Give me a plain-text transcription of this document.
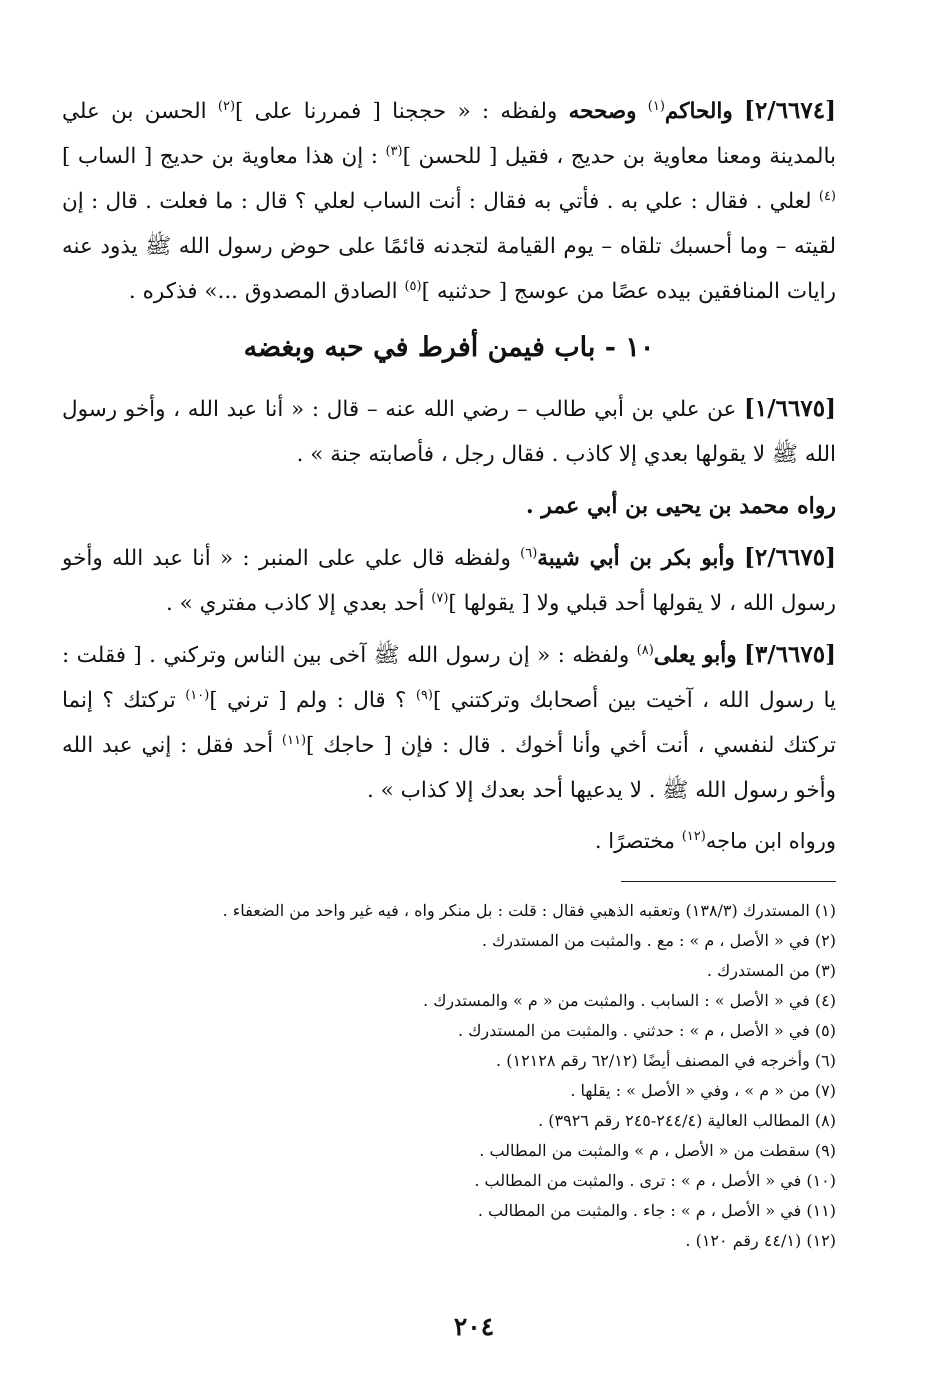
[٢/٦٦٧٤] والحاكم$^{(١)}$ وصححه ولفظه : « حججنا [ فمررنا على ]$^{(٢)}$ الحسن بن علي بالمدينة ومعنا معاوية بن حديج ، فقيل [ للحسن ]$^{(٣)}$ : إن هذا معاوية بن حديج [ الساب ]$^{(٤)}$ لعلي . فقال : علي به . فأتي به فقال : أنت الساب لعلي ؟ قال : ما فعلت . قال : إن لقيته – وما أحسبك تلقاه – يوم القيامة لتجدنه قائمًا على حوض رسول الله ﷺ يذود عنه رايات المنافقين بيده عصًا من عوسج [ حدثنيه ]$^{(٥)}$ الصادق المصدوق ...» فذكره .

١٠ - باب فيمن أفرط في حبه وبغضه

[١/٦٦٧٥] عن علي بن أبي طالب – رضي الله عنه – قال : « أنا عبد الله ، وأخو رسول الله ﷺ لا يقولها بعدي إلا كاذب . فقال رجل ، فأصابته جنة » .

رواه محمد بن يحيى بن أبي عمر .

[٢/٦٦٧٥] وأبو بكر بن أبي شيبة$^{(٦)}$ ولفظه قال علي على المنبر : « أنا عبد الله وأخو رسول الله ، لا يقولها أحد قبلي ولا [ يقولها ]$^{(٧)}$ أحد بعدي إلا كاذب مفتري » .

[٣/٦٦٧٥] وأبو يعلى$^{(٨)}$ ولفظه : « إن رسول الله ﷺ آخى بين الناس وتركني . [ فقلت : يا رسول الله ، آخيت بين أصحابك وتركتني ]$^{(٩)}$ ؟ قال : ولم [ ترني ]$^{(١٠)}$ تركتك ؟ إنما تركتك لنفسي ، أنت أخي وأنا أخوك . قال : فإن [ حاجك ]$^{(١١)}$ أحد فقل : إني عبد الله وأخو رسول الله ﷺ . لا يدعيها أحد بعدك إلا كذاب » .

ورواه ابن ماجه$^{(١٢)}$ مختصرًا .

(١) المستدرك (١٣٨/٣) وتعقبه الذهبي فقال : قلت : بل منكر واه ، فيه غير واحد من الضعفاء .
(٢) في « الأصل ، م » : مع . والمثبت من المستدرك .
(٣) من المستدرك .
(٤) في « الأصل » : السابب . والمثبت من « م » والمستدرك .
(٥) في « الأصل ، م » : حدثني . والمثبت من المستدرك .
(٦) وأخرجه في المصنف أيضًا (٦٢/١٢ رقم ١٢١٢٨) .
(٧) من « م » ، وفي « الأصل » : يقلها .
(٨) المطالب العالية (٢٤٤/٤-٢٤٥ رقم ٣٩٢٦) .
(٩) سقطت من « الأصل ، م » والمثبت من المطالب .
(١٠) في « الأصل ، م » : ترى . والمثبت من المطالب .
(١١) في « الأصل ، م » : جاء . والمثبت من المطالب .
(١٢) (٤٤/١ رقم ١٢٠) .
٢٠٤
